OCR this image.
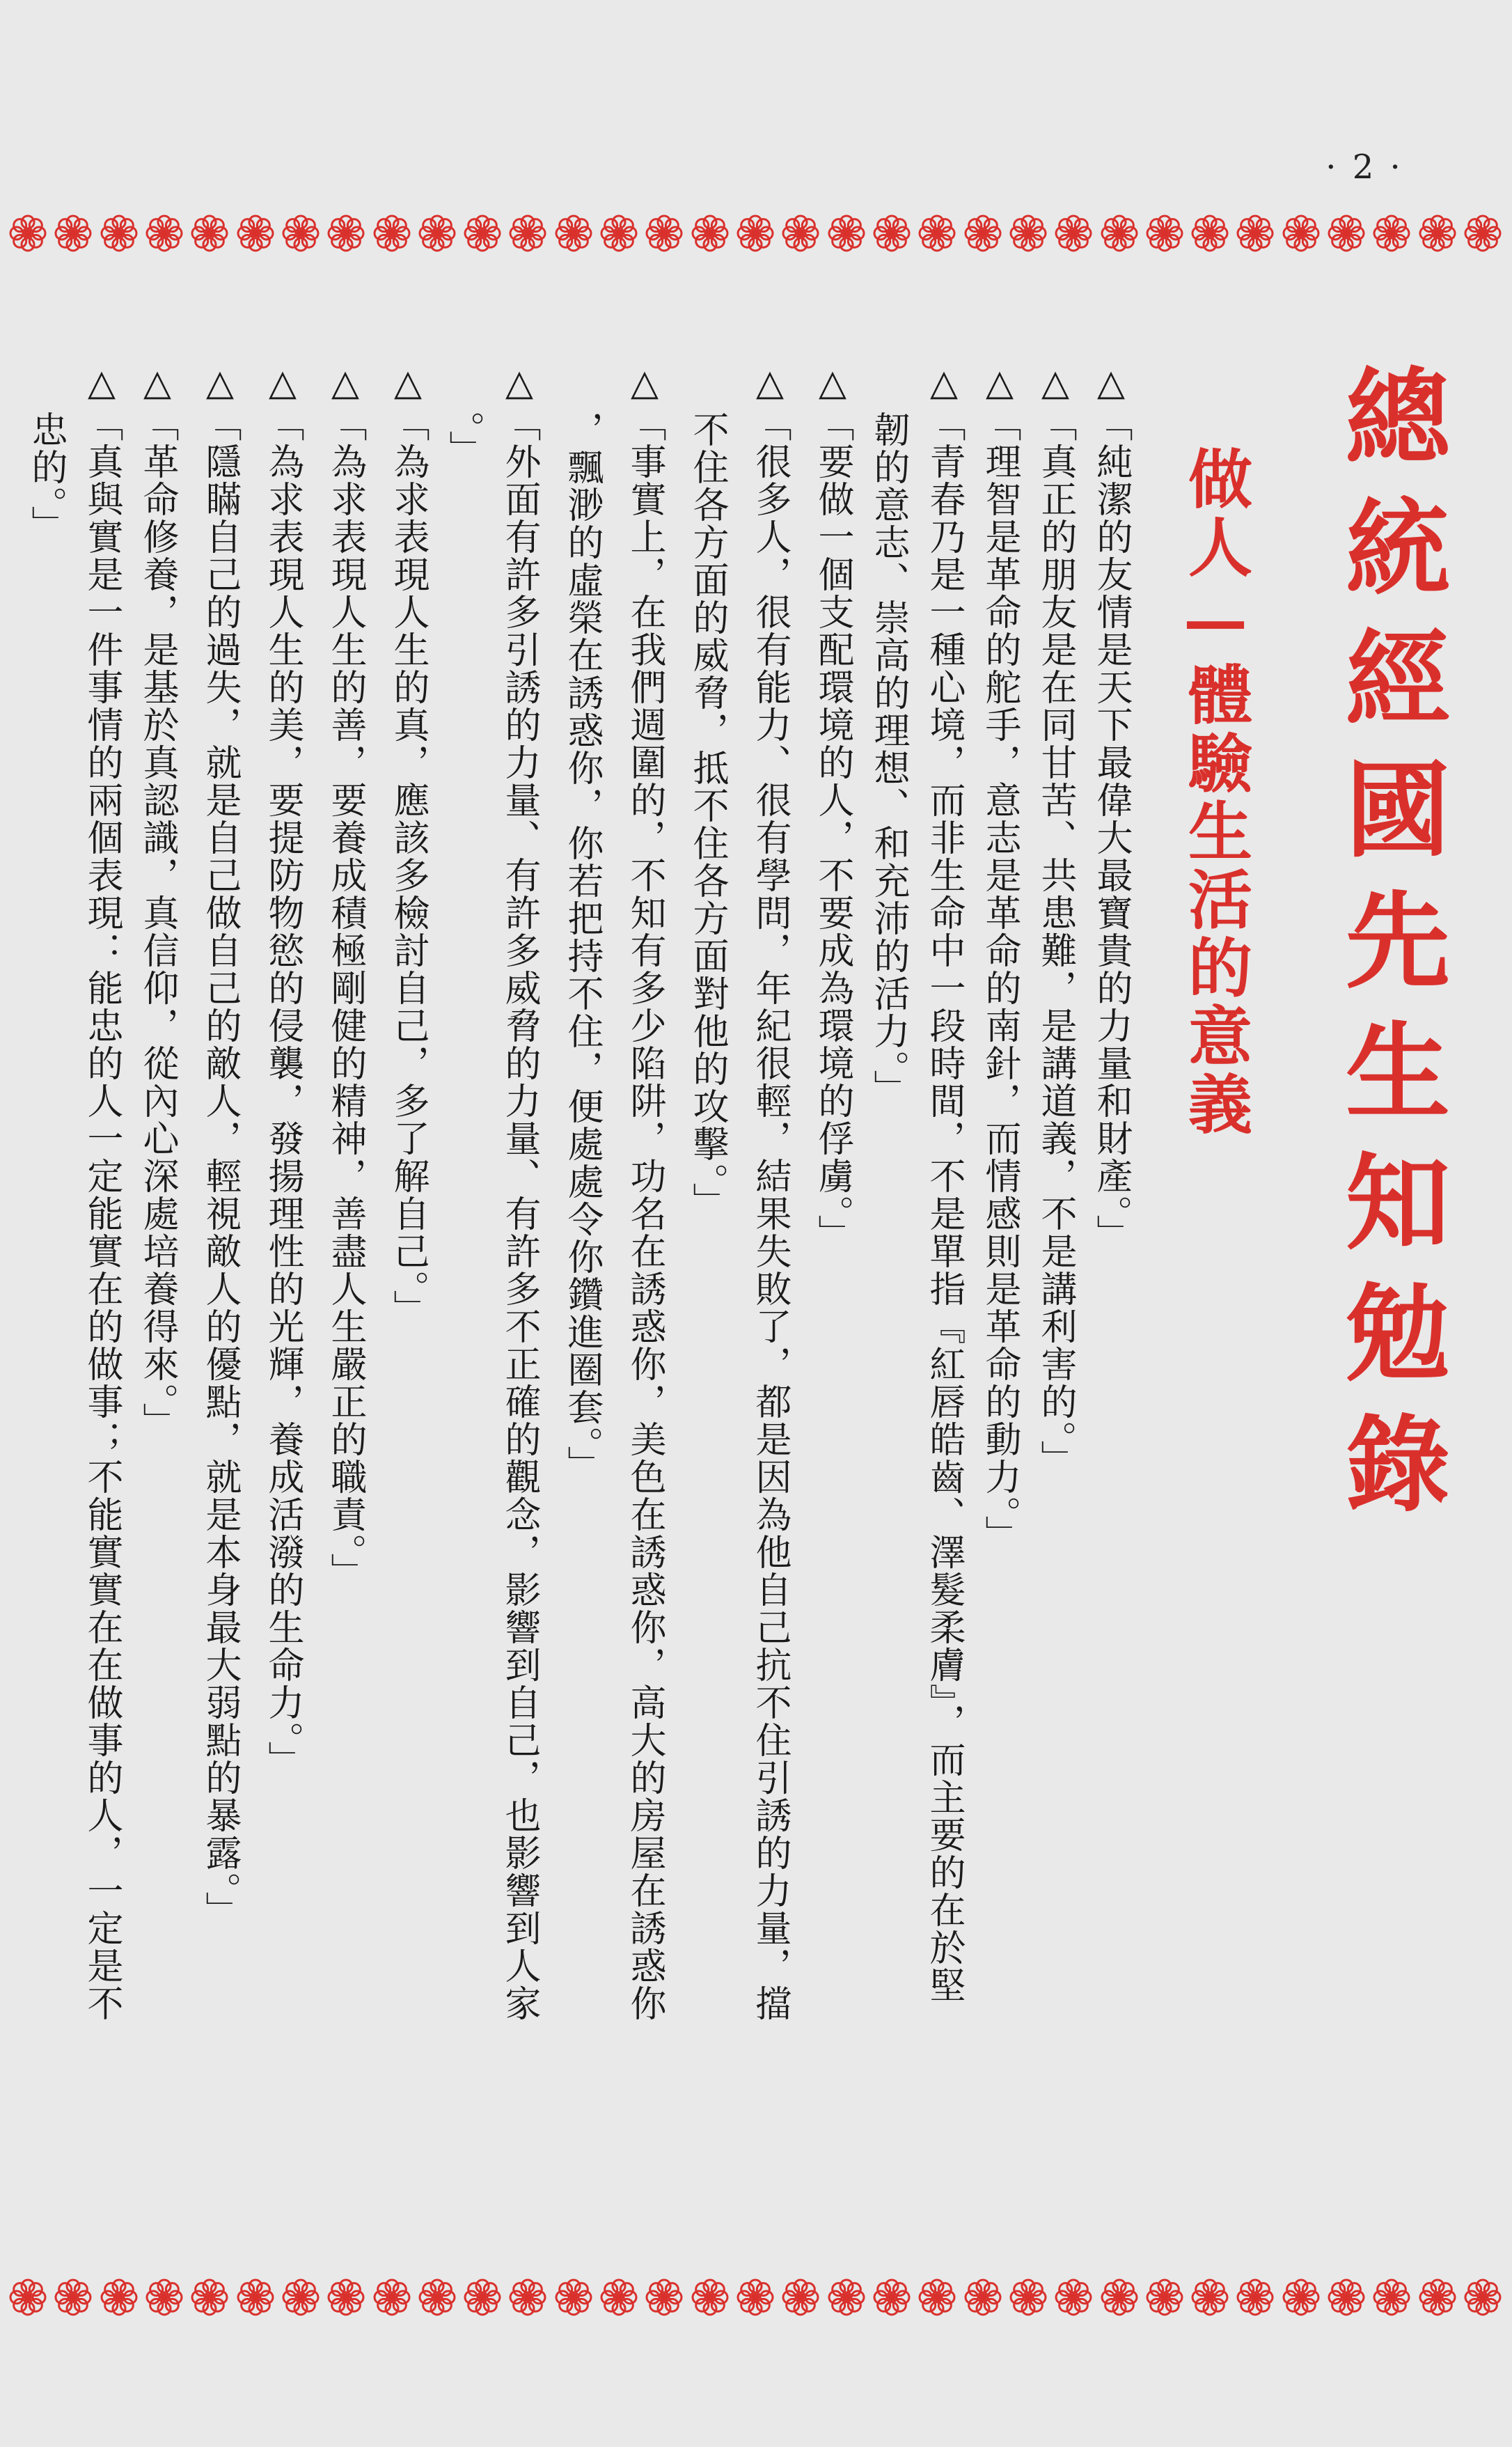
· 2 ·
總統經國先生知勉錄
做人—體驗生活的意義
△「純潔的友情是天下最偉大最寶貴的力量和財產。」
△「真正的朋友是在同甘苦、共患難，是講道義，不是講利害的。」
△「理智是革命的舵手，意志是革命的南針，而情感則是革命的動力。」
△「青春乃是一種心境，而非生命中一段時間，不是單指『紅唇皓齒、澤髮柔膚』，而主要的在於堅
韌的意志、崇高的理想、和充沛的活力。」
△「要做一個支配環境的人，不要成為環境的俘虜。」
△「很多人，很有能力、很有學問，年紀很輕，結果失敗了，都是因為他自己抗不住引誘的力量，擋
不住各方面的威脅，抵不住各方面對他的攻擊。」
△「事實上，在我們週圍的，不知有多少陷阱，功名在誘惑你，美色在誘惑你，高大的房屋在誘惑你
，飄渺的虛榮在誘惑你，你若把持不住，便處處令你鑽進圈套。」
△「外面有許多引誘的力量、有許多威脅的力量、有許多不正確的觀念，影響到自己，也影響到人家
。」
△「為求表現人生的真，應該多檢討自己，多了解自己。」
△「為求表現人生的善，要養成積極剛健的精神，善盡人生嚴正的職責。」
△「為求表現人生的美，要提防物慾的侵襲，發揚理性的光輝，養成活潑的生命力。」
△「隱瞞自己的過失，就是自己做自己的敵人，輕視敵人的優點，就是本身最大弱點的暴露。」
△「革命修養，是基於真認識，真信仰，從內心深處培養得來。」
△「真與實是一件事情的兩個表現：能忠的人一定能實在的做事；不能實實在在做事的人，一定是不
忠的。」
